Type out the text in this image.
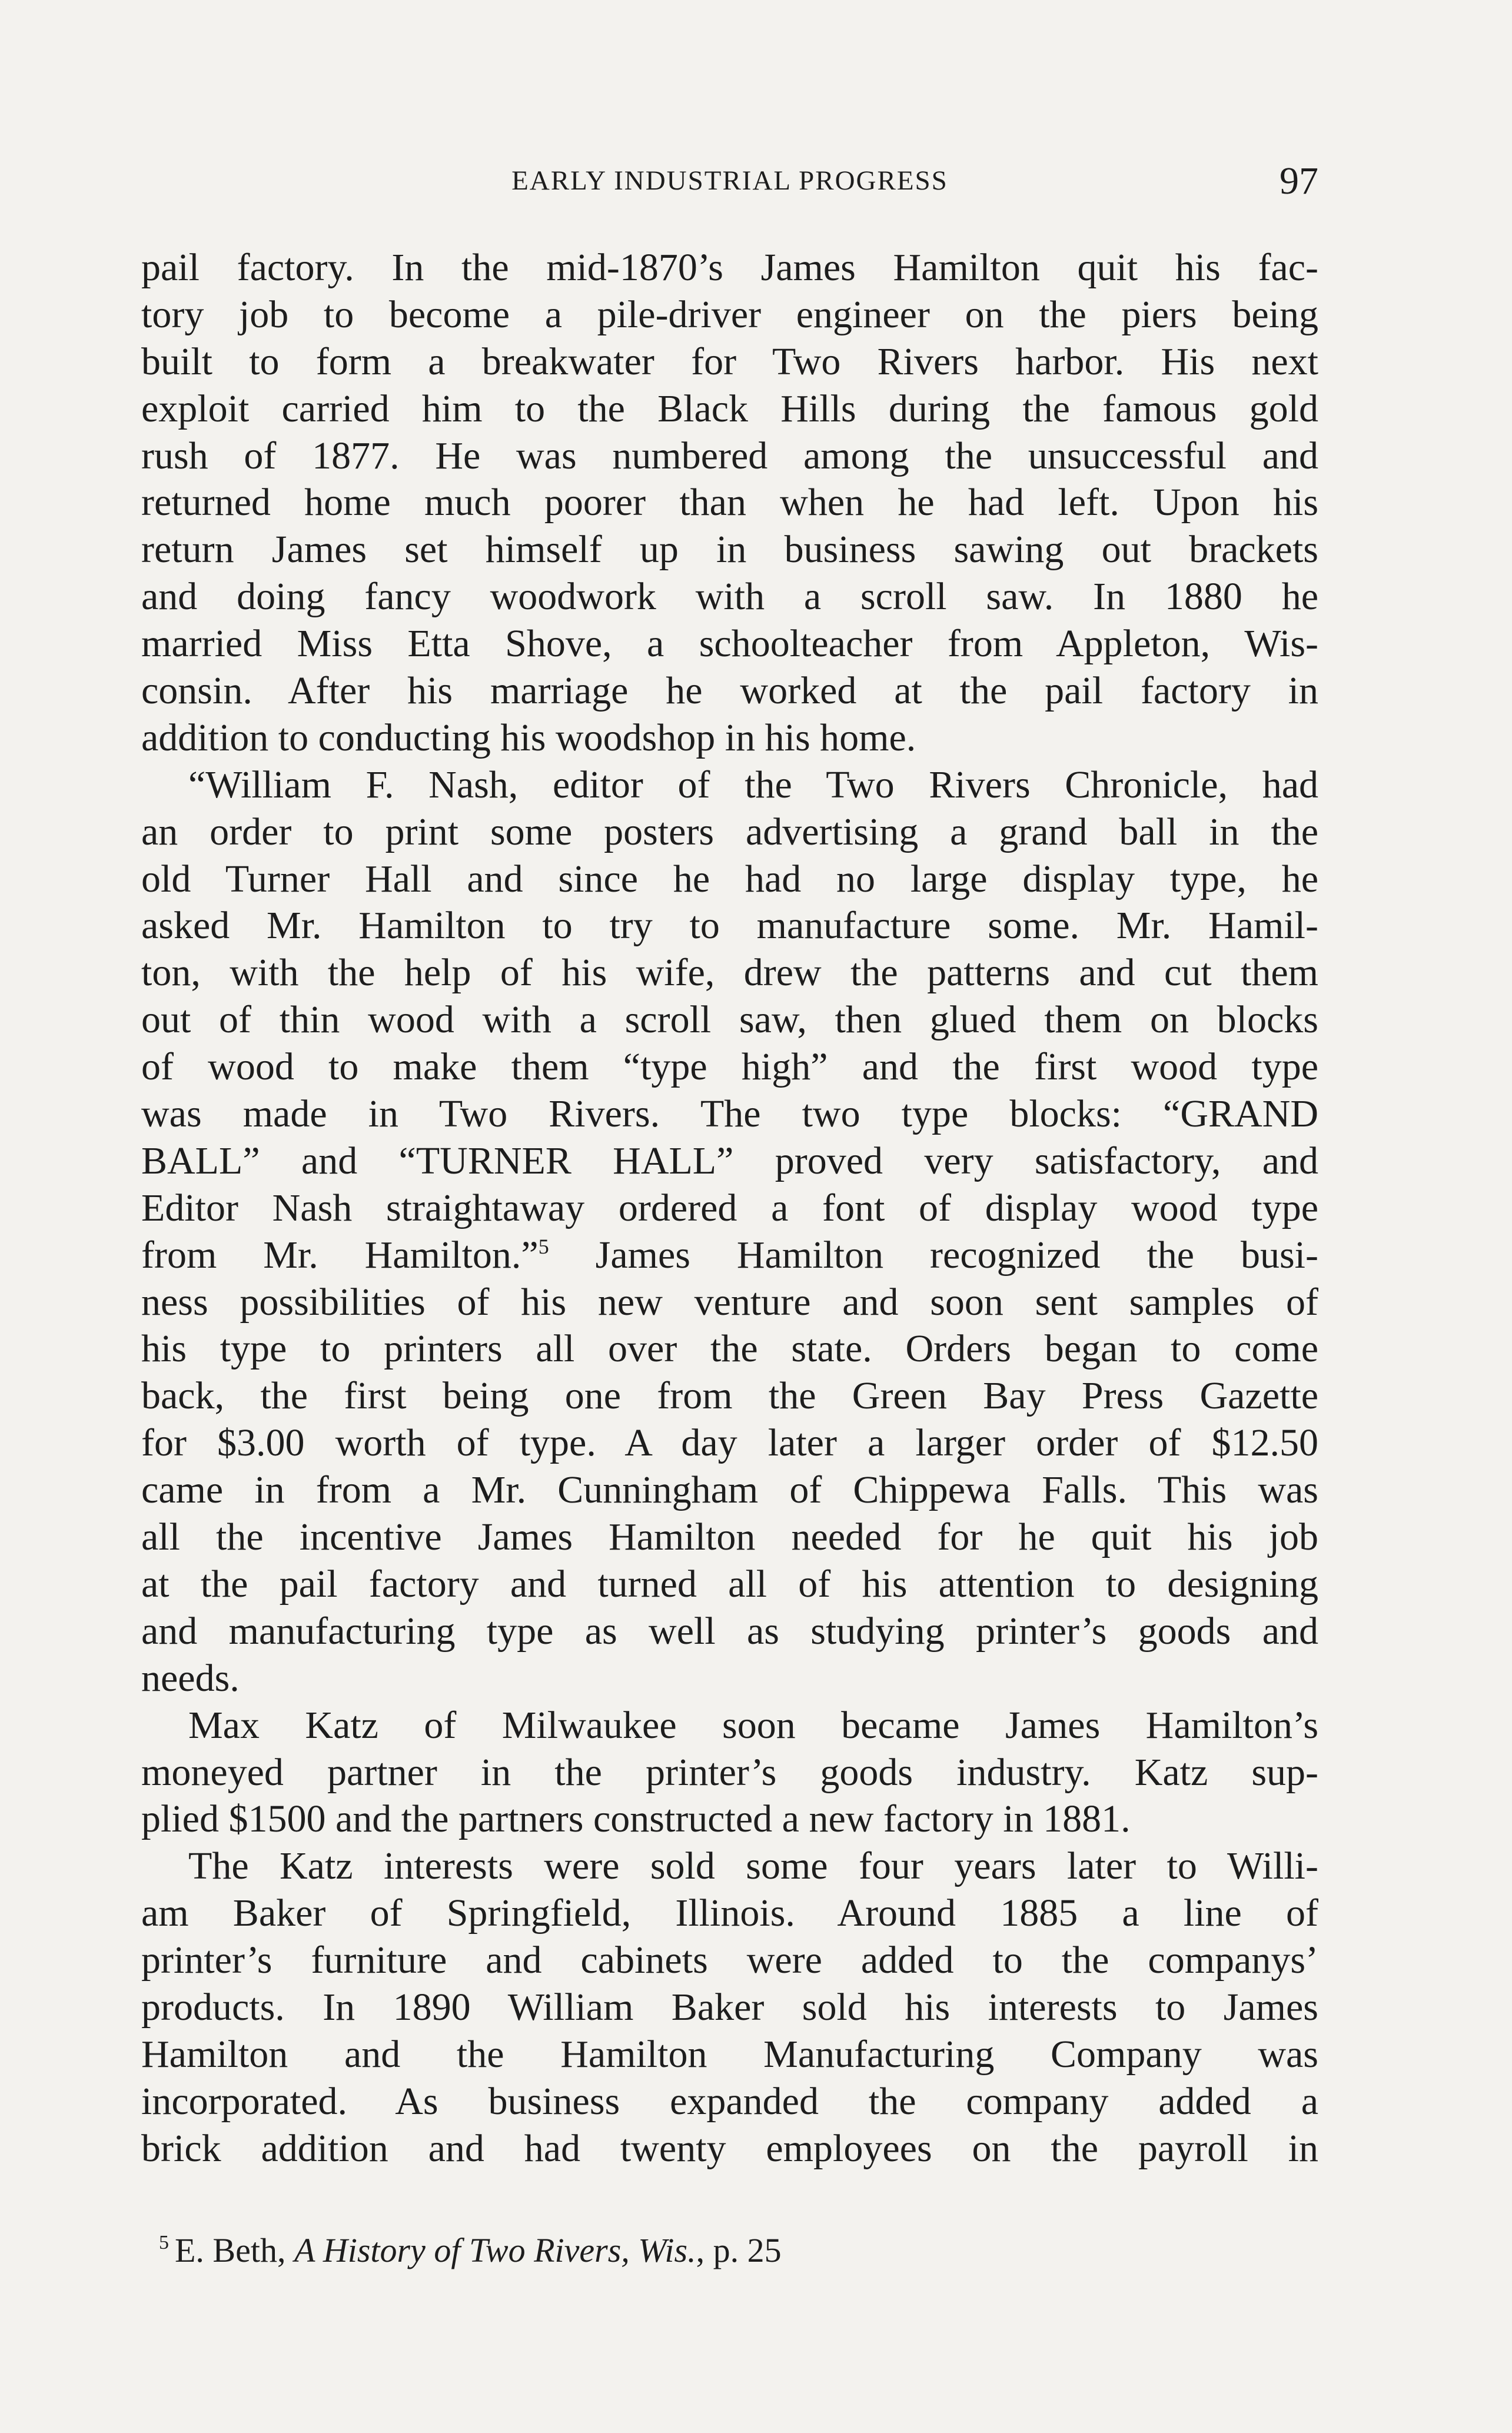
EARLY INDUSTRIAL PROGRESS	97
pail factory. In the mid-1870’s James Hamilton quit his fac-
tory job to become a pile-driver engineer on the piers being
built to form a breakwater for Two Rivers harbor. His next
exploit carried him to the Black Hills during the famous gold
rush of 1877. He was numbered among the unsuccessful and
returned home much poorer than when he had left. Upon his
return James set himself up in business sawing out brackets
and doing fancy woodwork with a scroll saw. In 1880 he
married Miss Etta Shove, a schoolteacher from Appleton, Wis-
consin. After his marriage he worked at the pail factory in
addition to conducting his woodshop in his home.
“William F. Nash, editor of the Two Rivers Chronicle, had
an order to print some posters advertising a grand ball in the
old Turner Hall and since he had no large display type, he
asked Mr. Hamilton to try to manufacture some. Mr. Hamil-
ton, with the help of his wife, drew the patterns and cut them
out of thin wood with a scroll saw, then glued them on blocks
of wood to make them “type high” and the first wood type
was made in Two Rivers. The two type blocks: “GRAND
BALL” and “TURNER HALL” proved very satisfactory, and
Editor Nash straightaway ordered a font of display wood type
from Mr. Hamilton.”$^5$ James Hamilton recognized the busi-
ness possibilities of his new venture and soon sent samples of
his type to printers all over the state. Orders began to come
back, the first being one from the Green Bay Press Gazette
for $3.00 worth of type. A day later a larger order of $12.50
came in from a Mr. Cunningham of Chippewa Falls. This was
all the incentive James Hamilton needed for he quit his job
at the pail factory and turned all of his attention to designing
and manufacturing type as well as studying printer’s goods and
needs.
Max Katz of Milwaukee soon became James Hamilton’s
moneyed partner in the printer’s goods industry. Katz sup-
plied $1500 and the partners constructed a new factory in 1881.
The Katz interests were sold some four years later to Willi-
am Baker of Springfield, Illinois. Around 1885 a line of
printer’s furniture and cabinets were added to the companys’
products. In 1890 William Baker sold his interests to James
Hamilton and the Hamilton Manufacturing Company was
incorporated. As business expanded the company added a
brick addition and had twenty employees on the payroll in
$^5$ E. Beth, A History of Two Rivers, Wis., p. 25
